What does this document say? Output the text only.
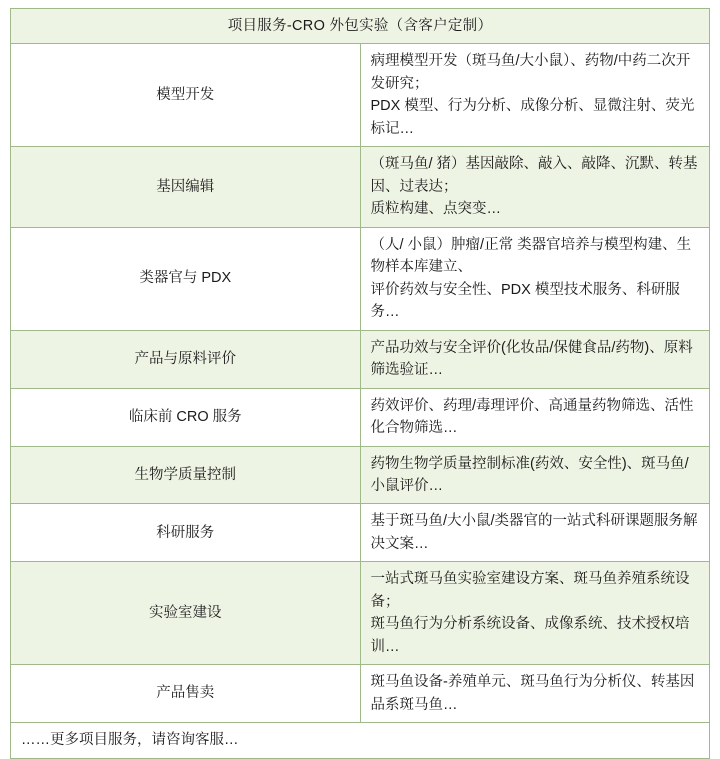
项目服务-CRO 外包实验（含客户定制）	
模型开发	病理模型开发（斑马鱼/大小鼠）、药物/中药二次开发研究；
PDX 模型、行为分析、成像分析、显微注射、荧光标记…

基因编辑	（斑马鱼/ 猪）基因敲除、敲入、敲降、沉默、转基因、过表达；
质粒构建、点突变…

类器官与 PDX	（人/ 小鼠）肿瘤/正常 类器官培养与模型构建、生物样本库建立、
评价药效与安全性、PDX 模型技术服务、科研服务…

产品与原料评价	产品功效与安全评价(化妆品/保健食品/药物)、原料筛选验证…

临床前 CRO 服务	药效评价、药理/毒理评价、高通量药物筛选、活性化合物筛选…

生物学质量控制	药物生物学质量控制标准(药效、安全性)、斑马鱼/小鼠评价…

科研服务	基于斑马鱼/大小鼠/类器官的一站式科研课题服务解决文案…

实验室建设	一站式斑马鱼实验室建设方案、斑马鱼养殖系统设备；
斑马鱼行为分析系统设备、成像系统、技术授权培训…

产品售卖	斑马鱼设备-养殖单元、斑马鱼行为分析仪、转基因品系斑马鱼…

……更多项目服务，请咨询客服…	
